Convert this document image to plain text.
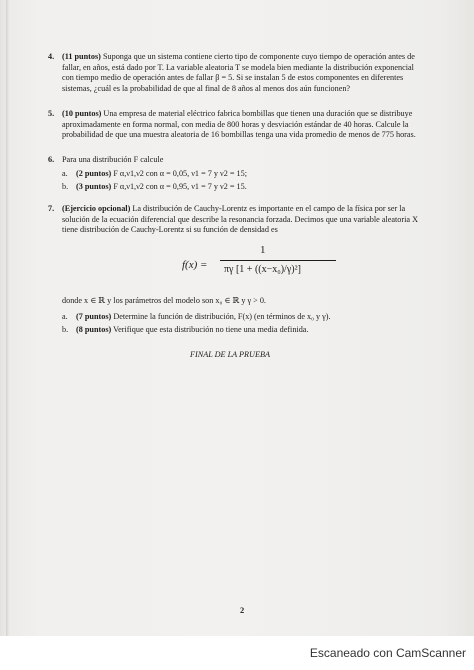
4. (11 puntos) Suponga que un sistema contiene cierto tipo de componente cuyo tiempo de operación antes de fallar, en años, está dado por T. La variable aleatoria T se modela bien mediante la distribución exponencial con tiempo medio de operación antes de fallar β = 5. Si se instalan 5 de estos componentes en diferentes sistemas, ¿cuál es la probabilidad de que al final de 8 años al menos dos aún funcionen?
5. (10 puntos) Una empresa de material eléctrico fabrica bombillas que tienen una duración que se distribuye aproximadamente en forma normal, con media de 800 horas y desviación estándar de 40 horas. Calcule la probabilidad de que una muestra aleatoria de 16 bombillas tenga una vida promedio de menos de 775 horas.
6. Para una distribución F calcule
a. (2 puntos) F α,ν1,ν2 con α = 0,05, ν1 = 7 y ν2 = 15;
b. (3 puntos) F α,ν1,ν2 con α = 0,95, ν1 = 7 y ν2 = 15.
7. (Ejercicio opcional) La distribución de Cauchy-Lorentz es importante en el campo de la física por ser la solución de la ecuación diferencial que describe la resonancia forzada. Decimos que una variable aleatoria X tiene distribución de Cauchy-Lorentz si su función de densidad es
f(x) =
1
πγ [1 + ((x−x₀)/γ)²]
donde x ∈ ℝ y los parámetros del modelo son x₀ ∈ ℝ y γ > 0.
a. (7 puntos) Determine la función de distribución, F(x) (en términos de x₀ y γ).
b. (8 puntos) Verifique que esta distribución no tiene una media definida.
FINAL DE LA PRUEBA
2
Escaneado con CamScanner
